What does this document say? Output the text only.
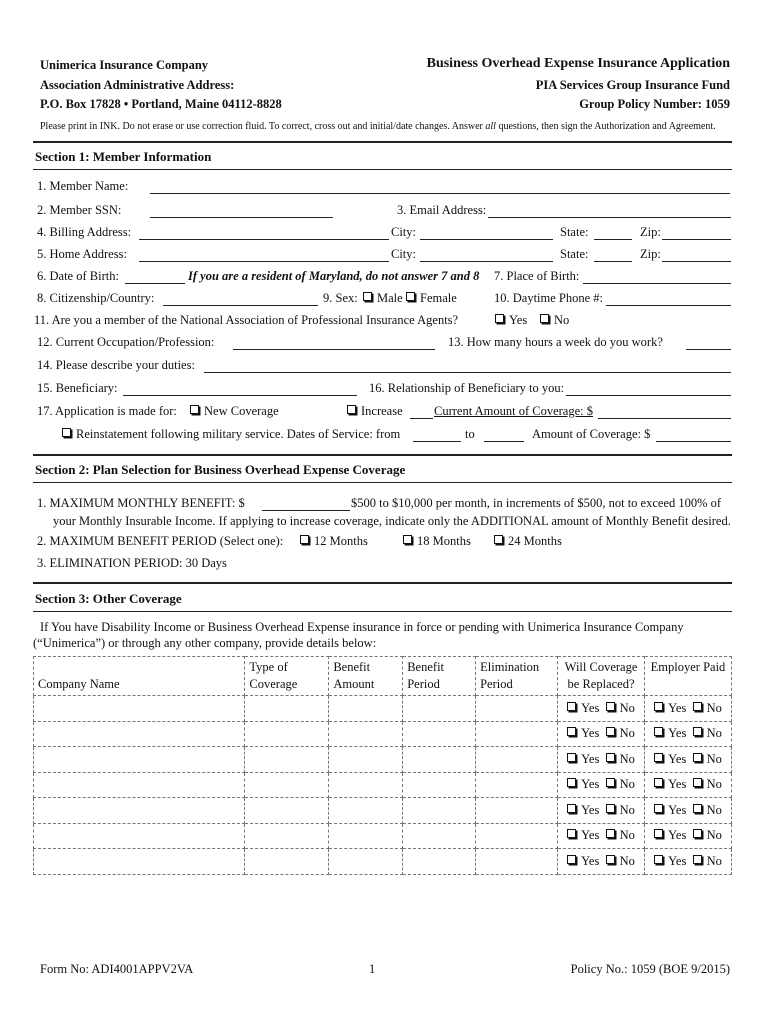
Unimerica Insurance Company
Association Administrative Address:
P.O. Box 17828 • Portland, Maine 04112-8828
Business Overhead Expense Insurance Application
PIA Services Group Insurance Fund
Group Policy Number: 1059
Please print in INK. Do not erase or use correction fluid. To correct, cross out and initial/date changes. Answer all questions, then sign the Authorization and Agreement.
Section 1: Member Information
1. Member Name:
2. Member SSN:	3. Email Address:
4. Billing Address:	City:	State:	Zip:
5. Home Address:	City:	State:	Zip:
6. Date of Birth:	If you are a resident of Maryland, do not answer 7 and 8 7. Place of Birth:
8. Citizenship/Country:	9. Sex:	Male	Female	10. Daytime Phone #:
11. Are you a member of the National Association of Professional Insurance Agents?	Yes	No
12. Current Occupation/Profession:	13. How many hours a week do you work?
14. Please describe your duties:
15. Beneficiary:	16. Relationship of Beneficiary to you:
17. Application is made for:	New Coverage	Increase	Current Amount of Coverage: $
Reinstatement following military service. Dates of Service: from	to	Amount of Coverage: $
Section 2: Plan Selection for Business Overhead Expense Coverage
1. MAXIMUM MONTHLY BENEFIT: $	$500 to $10,000 per month, in increments of $500, not to exceed 100% of
your Monthly Insurable Income. If applying to increase coverage, indicate only the ADDITIONAL amount of Monthly Benefit desired.
2. MAXIMUM BENEFIT PERIOD (Select one):	12 Months	18 Months	24 Months
3. ELIMINATION PERIOD: 30 Days
Section 3: Other Coverage
If You have Disability Income or Business Overhead Expense insurance in force or pending with Unimerica Insurance Company
(“Unimerica”) or through any other company, provide details below:
Company Name	Type of Coverage	Benefit Amount	Benefit Period	Elimination Period	Will Coverage be Replaced?	Employer Paid
					Yes No	Yes No
					Yes No	Yes No
					Yes No	Yes No
					Yes No	Yes No
					Yes No	Yes No
					Yes No	Yes No
					Yes No	Yes No
Form No: ADI4001APPV2VA	1	Policy No.: 1059 (BOE 9/2015)
